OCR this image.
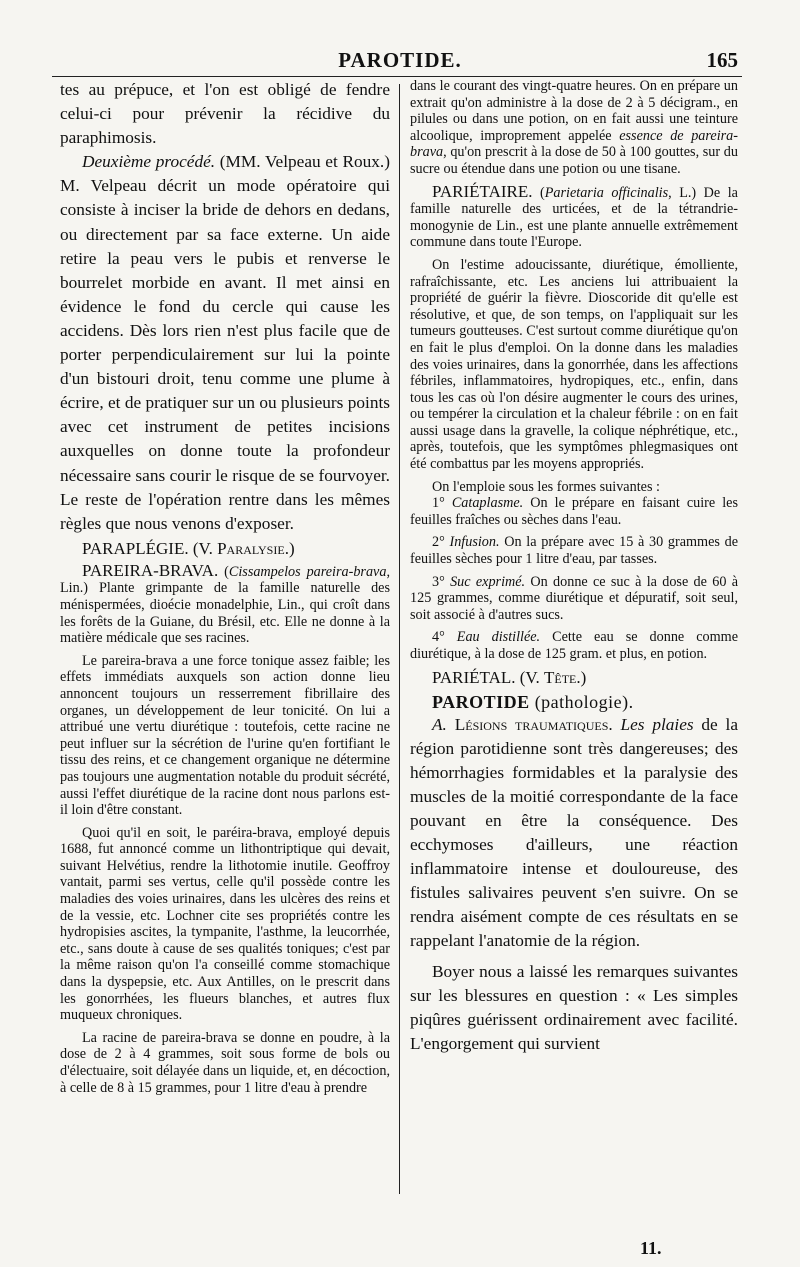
PAROTIDE.	165

tes au prépuce, et l'on est obligé de fendre celui-ci pour prévenir la récidive du paraphimosis.

Deuxième procédé. (MM. Velpeau et Roux.) M. Velpeau décrit un mode opératoire qui consiste à inciser la bride de dehors en dedans, ou directement par sa face externe. Un aide retire la peau vers le pubis et renverse le bourrelet morbide en avant. Il met ainsi en évidence le fond du cercle qui cause les accidens. Dès lors rien n'est plus facile que de porter perpendiculairement sur lui la pointe d'un bistouri droit, tenu comme une plume à écrire, et de pratiquer sur un ou plusieurs points avec cet instrument de petites incisions auxquelles on donne toute la profondeur nécessaire sans courir le risque de se fourvoyer. Le reste de l'opération rentre dans les mêmes règles que nous venons d'exposer.

PARAPLÉGIE. (V. Paralysie.)

PAREIRA-BRAVA. (Cissampelos pareira-brava, Lin.) Plante grimpante de la famille naturelle des ménispermées, dioécie monadelphie, Lin., qui croît dans les forêts de la Guiane, du Brésil, etc. Elle ne donne à la matière médicale que ses racines.

Le pareira-brava a une force tonique assez faible; les effets immédiats auxquels son action donne lieu annoncent toujours un resserrement fibrillaire des organes, un développement de leur tonicité. On lui a attribué une vertu diurétique : toutefois, cette racine ne peut influer sur la sécrétion de l'urine qu'en fortifiant le tissu des reins, et ce changement organique ne détermine pas toujours une augmentation notable du produit sécrété, aussi l'effet diurétique de la racine dont nous parlons est-il loin d'être constant.

Quoi qu'il en soit, le paréira-brava, employé depuis 1688, fut annoncé comme un lithontriptique qui devait, suivant Helvétius, rendre la lithotomie inutile. Geoffroy vantait, parmi ses vertus, celle qu'il possède contre les maladies des voies urinaires, dans les ulcères des reins et de la vessie, etc. Lochner cite ses propriétés contre les hydropisies ascites, la tympanite, l'asthme, la leucorrhée, etc., sans doute à cause de ses qualités toniques; c'est par la même raison qu'on l'a conseillé comme stomachique dans la dyspepsie, etc. Aux Antilles, on le prescrit dans les gonorrhées, les flueurs blanches, et autres flux muqueux chroniques.

La racine de pareira-brava se donne en poudre, à la dose de 2 à 4 grammes, soit sous forme de bols ou d'électuaire, soit délayée dans un liquide, et, en décoction, à celle de 8 à 15 grammes, pour 1 litre d'eau à prendre

dans le courant des vingt-quatre heures. On en prépare un extrait qu'on administre à la dose de 2 à 5 décigram., en pilules ou dans une potion, on en fait aussi une teinture alcoolique, improprement appelée essence de pareira-brava, qu'on prescrit à la dose de 50 à 100 gouttes, sur du sucre ou étendue dans une potion ou une tisane.

PARIÉTAIRE. (Parietaria officinalis, L.) De la famille naturelle des urticées, et de la tétrandrie-monogynie de Lin., est une plante annuelle extrêmement commune dans toute l'Europe.

On l'estime adoucissante, diurétique, émolliente, rafraîchissante, etc. Les anciens lui attribuaient la propriété de guérir la fièvre. Dioscoride dit qu'elle est résolutive, et que, de son temps, on l'appliquait sur les tumeurs goutteuses. C'est surtout comme diurétique qu'on en fait le plus d'emploi. On la donne dans les maladies des voies urinaires, dans la gonorrhée, dans les affections fébriles, inflammatoires, hydropiques, etc., enfin, dans tous les cas où l'on désire augmenter le cours des urines, ou tempérer la circulation et la chaleur fébrile : on en fait aussi usage dans la gravelle, la colique néphrétique, etc., après, toutefois, que les symptômes phlegmasiques ont été combattus par les moyens appropriés.

On l'emploie sous les formes suivantes :

1° Cataplasme. On le prépare en faisant cuire les feuilles fraîches ou sèches dans l'eau.

2° Infusion. On la prépare avec 15 à 30 grammes de feuilles sèches pour 1 litre d'eau, par tasses.

3° Suc exprimé. On donne ce suc à la dose de 60 à 125 grammes, comme diurétique et dépuratif, soit seul, soit associé à d'autres sucs.

4° Eau distillée. Cette eau se donne comme diurétique, à la dose de 125 gram. et plus, en potion.

PARIÉTAL. (V. Tête.)

PAROTIDE (pathologie).

A. Lésions traumatiques. Les plaies de la région parotidienne sont très dangereuses; des hémorrhagies formidables et la paralysie des muscles de la moitié correspondante de la face pouvant en être la conséquence. Des ecchymoses d'ailleurs, une réaction inflammatoire intense et douloureuse, des fistules salivaires peuvent s'en suivre. On se rendra aisément compte de ces résultats en se rappelant l'anatomie de la région.

Boyer nous a laissé les remarques suivantes sur les blessures en question : « Les simples piqûres guérissent ordinairement avec facilité. L'engorgement qui survient

11.
